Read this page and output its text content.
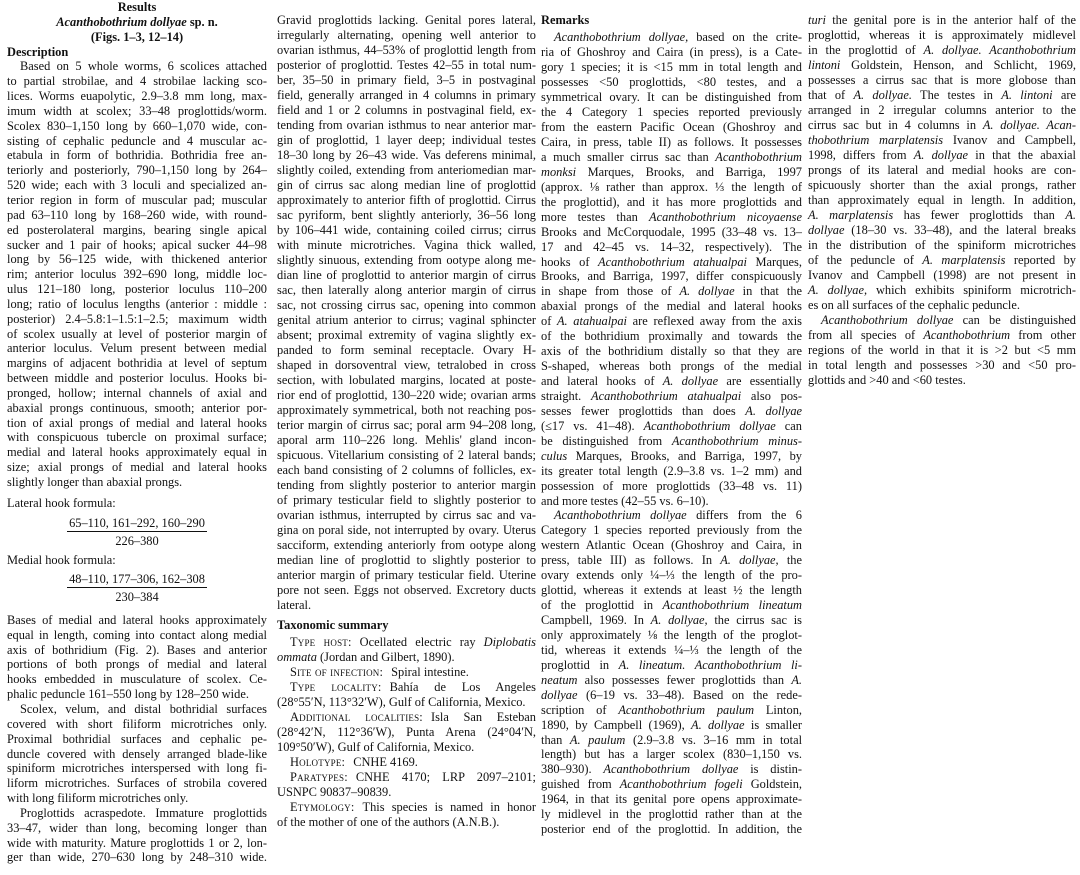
Results
Acanthobothrium dollyae sp. n.
(Figs. 1–3, 12–14)
Description
Based on 5 whole worms, 6 scolices attached
to partial strobilae, and 4 strobilae lacking sco-
lices. Worms euapolytic, 2.9–3.8 mm long, max-
imum width at scolex; 33–48 proglottids/worm.
Scolex 830–1,150 long by 660–1,070 wide, con-
sisting of cephalic peduncle and 4 muscular ac-
etabula in form of bothridia. Bothridia free an-
teriorly and posteriorly, 790–1,150 long by 264–
520 wide; each with 3 loculi and specialized an-
terior region in form of muscular pad; muscular
pad 63–110 long by 168–260 wide, with round-
ed posterolateral margins, bearing single apical
sucker and 1 pair of hooks; apical sucker 44–98
long by 56–125 wide, with thickened anterior
rim; anterior loculus 392–690 long, middle loc-
ulus 121–180 long, posterior loculus 110–200
long; ratio of loculus lengths (anterior : middle :
posterior) 2.4–5.8:1–1.5:1–2.5; maximum width
of scolex usually at level of posterior margin of
anterior loculus. Velum present between medial
margins of adjacent bothridia at level of septum
between middle and posterior loculus. Hooks bi-
pronged, hollow; internal channels of axial and
abaxial prongs continuous, smooth; anterior por-
tion of axial prongs of medial and lateral hooks
with conspicuous tubercle on proximal surface;
medial and lateral hooks approximately equal in
size; axial prongs of medial and lateral hooks
slightly longer than abaxial prongs.
Lateral hook formula:
65–110, 161–292, 160–290
226–380
Medial hook formula:
48–110, 177–306, 162–308
230–384
Bases of medial and lateral hooks approximately
equal in length, coming into contact along medial
axis of bothridium (Fig. 2). Bases and anterior
portions of both prongs of medial and lateral
hooks embedded in musculature of scolex. Ce-
phalic peduncle 161–550 long by 128–250 wide.
Scolex, velum, and distal bothridial surfaces
covered with short filiform microtriches only.
Proximal bothridial surfaces and cephalic pe-
duncle covered with densely arranged blade-like
spiniform microtriches interspersed with long fi-
liform microtriches. Surfaces of strobila covered
with long filiform microtriches only.
Proglottids acraspedote. Immature proglottids
33–47, wider than long, becoming longer than
wide with maturity. Mature proglottids 1 or 2, lon-
ger than wide, 270–630 long by 248–310 wide.
Gravid proglottids lacking. Genital pores lateral,
irregularly alternating, opening well anterior to
ovarian isthmus, 44–53% of proglottid length from
posterior of proglottid. Testes 42–55 in total num-
ber, 35–50 in primary field, 3–5 in postvaginal
field, generally arranged in 4 columns in primary
field and 1 or 2 columns in postvaginal field, ex-
tending from ovarian isthmus to near anterior mar-
gin of proglottid, 1 layer deep; individual testes
18–30 long by 26–43 wide. Vas deferens minimal,
slightly coiled, extending from anteriomedian mar-
gin of cirrus sac along median line of proglottid
approximately to anterior fifth of proglottid. Cirrus
sac pyriform, bent slightly anteriorly, 36–56 long
by 106–441 wide, containing coiled cirrus; cirrus
with minute microtriches. Vagina thick walled,
slightly sinuous, extending from ootype along me-
dian line of proglottid to anterior margin of cirrus
sac, then laterally along anterior margin of cirrus
sac, not crossing cirrus sac, opening into common
genital atrium anterior to cirrus; vaginal sphincter
absent; proximal extremity of vagina slightly ex-
panded to form seminal receptacle. Ovary H-
shaped in dorsoventral view, tetralobed in cross
section, with lobulated margins, located at poste-
rior end of proglottid, 130–220 wide; ovarian arms
approximately symmetrical, both not reaching pos-
terior margin of cirrus sac; poral arm 94–208 long,
aporal arm 110–226 long. Mehlis' gland incon-
spicuous. Vitellarium consisting of 2 lateral bands;
each band consisting of 2 columns of follicles, ex-
tending from slightly posterior to anterior margin
of primary testicular field to slightly posterior to
ovarian isthmus, interrupted by cirrus sac and va-
gina on poral side, not interrupted by ovary. Uterus
sacciform, extending anteriorly from ootype along
median line of proglottid to slightly posterior to
anterior margin of primary testicular field. Uterine
pore not seen. Eggs not observed. Excretory ducts
lateral.
Taxonomic summary
Type host: Ocellated electric ray Diplobatis
ommata (Jordan and Gilbert, 1890).
Site of infection: Spiral intestine.
Type locality: Bahía de Los Angeles
(28°55′N, 113°32′W), Gulf of California, Mexico.
Additional localities: Isla San Esteban
(28°42′N, 112°36′W), Punta Arena (24°04′N,
109°50′W), Gulf of California, Mexico.
Holotype: CNHE 4169.
Paratypes: CNHE 4170; LRP 2097–2101;
USNPC 90837–90839.
Etymology: This species is named in honor
of the mother of one of the authors (A.N.B.).
Remarks
Acanthobothrium dollyae, based on the crite-
ria of Ghoshroy and Caira (in press), is a Cate-
gory 1 species; it is <15 mm in total length and
possesses <50 proglottids, <80 testes, and a
symmetrical ovary. It can be distinguished from
the 4 Category 1 species reported previously
from the eastern Pacific Ocean (Ghoshroy and
Caira, in press, table II) as follows. It possesses
a much smaller cirrus sac than Acanthobothrium
monksi Marques, Brooks, and Barriga, 1997
(approx. ⅛ rather than approx. ⅓ the length of
the proglottid), and it has more proglottids and
more testes than Acanthobothrium nicoyaense
Brooks and McCorquodale, 1995 (33–48 vs. 13–
17 and 42–45 vs. 14–32, respectively). The
hooks of Acanthobothrium atahualpai Marques,
Brooks, and Barriga, 1997, differ conspicuously
in shape from those of A. dollyae in that the
abaxial prongs of the medial and lateral hooks
of A. atahualpai are reflexed away from the axis
of the bothridium proximally and towards the
axis of the bothridium distally so that they are
S-shaped, whereas both prongs of the medial
and lateral hooks of A. dollyae are essentially
straight. Acanthobothrium atahualpai also pos-
sesses fewer proglottids than does A. dollyae
(≤17 vs. 41–48). Acanthobothrium dollyae can
be distinguished from Acanthobothrium minus-
culus Marques, Brooks, and Barriga, 1997, by
its greater total length (2.9–3.8 vs. 1–2 mm) and
possession of more proglottids (33–48 vs. 11)
and more testes (42–55 vs. 6–10).
Acanthobothrium dollyae differs from the 6
Category 1 species reported previously from the
western Atlantic Ocean (Ghoshroy and Caira, in
press, table III) as follows. In A. dollyae, the
ovary extends only ¼–⅓ the length of the pro-
glottid, whereas it extends at least ½ the length
of the proglottid in Acanthobothrium lineatum
Campbell, 1969. In A. dollyae, the cirrus sac is
only approximately ⅛ the length of the proglot-
tid, whereas it extends ¼–⅓ the length of the
proglottid in A. lineatum. Acanthobothrium li-
neatum also possesses fewer proglottids than A.
dollyae (6–19 vs. 33–48). Based on the rede-
scription of Acanthobothrium paulum Linton,
1890, by Campbell (1969), A. dollyae is smaller
than A. paulum (2.9–3.8 vs. 3–16 mm in total
length) but has a larger scolex (830–1,150 vs.
380–930). Acanthobothrium dollyae is distin-
guished from Acanthobothrium fogeli Goldstein,
1964, in that its genital pore opens approximate-
ly midlevel in the proglottid rather than at the
posterior end of the proglottid. In addition, the
turi the genital pore is in the anterior half of the
proglottid, whereas it is approximately midlevel
in the proglottid of A. dollyae. Acanthobothrium
lintoni Goldstein, Henson, and Schlicht, 1969,
possesses a cirrus sac that is more globose than
that of A. dollyae. The testes in A. lintoni are
arranged in 2 irregular columns anterior to the
cirrus sac but in 4 columns in A. dollyae. Acan-
thobothrium marplatensis Ivanov and Campbell,
1998, differs from A. dollyae in that the abaxial
prongs of its lateral and medial hooks are con-
spicuously shorter than the axial prongs, rather
than approximately equal in length. In addition,
A. marplatensis has fewer proglottids than A.
dollyae (18–30 vs. 33–48), and the lateral breaks
in the distribution of the spiniform microtriches
of the peduncle of A. marplatensis reported by
Ivanov and Campbell (1998) are not present in
A. dollyae, which exhibits spiniform microtrich-
es on all surfaces of the cephalic peduncle.
Acanthobothrium dollyae can be distinguished
from all species of Acanthobothrium from other
regions of the world in that it is >2 but <5 mm
in total length and possesses >30 and <50 pro-
glottids and >40 and <60 testes.
